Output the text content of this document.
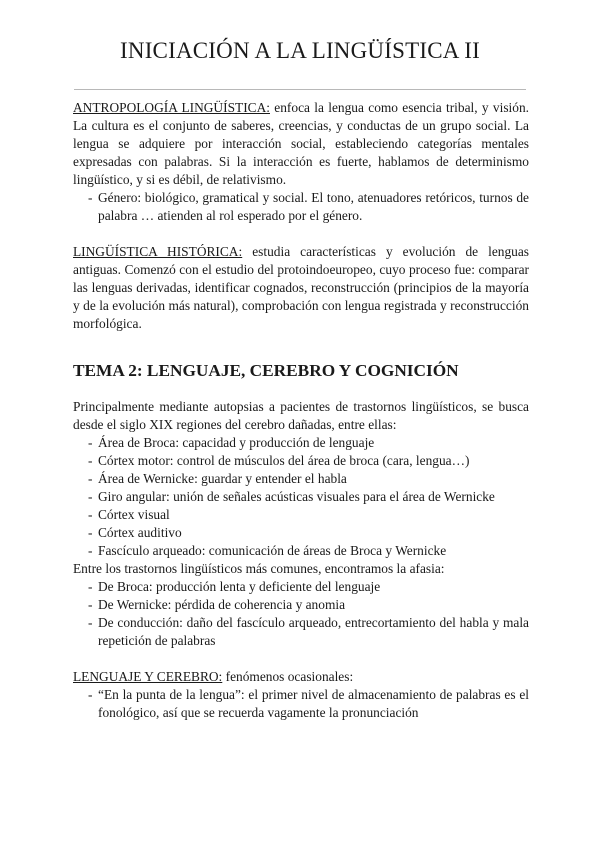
INICIACIÓN A LA LINGÜÍSTICA II

ANTROPOLOGÍA LINGÜÍSTICA: enfoca la lengua como esencia tribal, y visión. La cultura es el conjunto de saberes, creencias, y conductas de un grupo social. La lengua se adquiere por interacción social, estableciendo categorías mentales expresadas con palabras. Si la interacción es fuerte, hablamos de determinismo lingüístico, y si es débil, de relativismo.

- Género: biológico, gramatical y social. El tono, atenuadores retóricos, turnos de palabra … atienden al rol esperado por el género.

LINGÜÍSTICA HISTÓRICA: estudia características y evolución de lenguas antiguas. Comenzó con el estudio del protoindoeuropeo, cuyo proceso fue: comparar las lenguas derivadas, identificar cognados, reconstrucción (principios de la mayoría y de la evolución más natural), comprobación con lengua registrada y reconstrucción morfológica.

TEMA 2: LENGUAJE, CEREBRO Y COGNICIÓN

Principalmente mediante autopsias a pacientes de trastornos lingüísticos, se busca desde el siglo XIX regiones del cerebro dañadas, entre ellas:

- Área de Broca: capacidad y producción de lenguaje
- Córtex motor: control de músculos del área de broca (cara, lengua…)
- Área de Wernicke: guardar y entender el habla
- Giro angular: unión de señales acústicas visuales para el área de Wernicke
- Córtex visual
- Córtex auditivo
- Fascículo arqueado: comunicación de áreas de Broca y Wernicke

Entre los trastornos lingüísticos más comunes, encontramos la afasia:

- De Broca: producción lenta y deficiente del lenguaje
- De Wernicke: pérdida de coherencia y anomia
- De conducción: daño del fascículo arqueado, entrecortamiento del habla y mala repetición de palabras

LENGUAJE Y CEREBRO: fenómenos ocasionales:

- “En la punta de la lengua”: el primer nivel de almacenamiento de palabras es el fonológico, así que se recuerda vagamente la pronunciación
